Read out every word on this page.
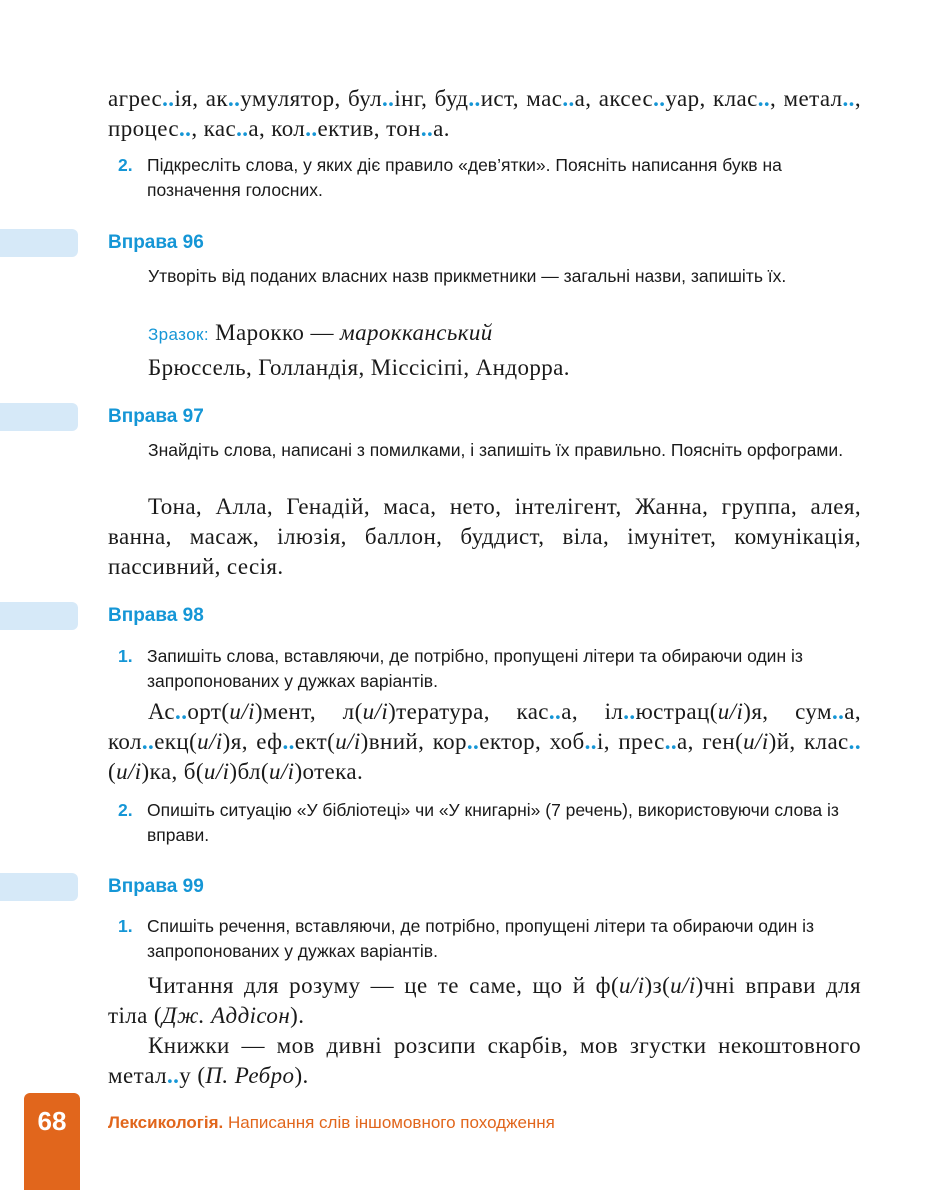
агрес..ія, ак..умулятор, бул..інг, буд..ист, мас..а, аксес..уар, клас.., метал.., процес.., кас..а, кол..ектив, тон..а.
2. Підкресліть слова, у яких діє правило «дев’ятки». Поясніть написання букв на позначення голосних.
Вправа 96
Утворіть від поданих власних назв прикметники — загальні назви, запишіть їх.
Зразок: Марокко — марокканський
Брюссель, Голландія, Міссісіпі, Андорра.
Вправа 97
Знайдіть слова, написані з помилками, і запишіть їх правильно. Поясніть орфограми.
Тона, Алла, Генадій, маса, нето, інтелігент, Жанна, группа, алея, ванна, масаж, ілюзія, баллон, буддист, віла, імунітет, комунікація, пассивний, сесія.
Вправа 98
1. Запишіть слова, вставляючи, де потрібно, пропущені літери та обираючи один із запропонованих у дужках варіантів.
Ас..орт(и/і)мент, л(и/і)тература, кас..а, іл..юстрац(и/і)я, сум..а, кол..екц(и/і)я, еф..ект(и/і)вний, кор..ектор, хоб..і, прес..а, ген(и/і)й, клас..(и/і)ка, б(и/і)бл(и/і)отека.
2. Опишіть ситуацію «У бібліотеці» чи «У книгарні» (7 речень), використовуючи слова із вправи.
Вправа 99
1. Спишіть речення, вставляючи, де потрібно, пропущені літери та обираючи один із запропонованих у дужках варіантів.
Читання для розуму — це те саме, що й ф(и/і)з(и/і)чні вправи для тіла (Дж. Аддісон).
Книжки — мов дивні розсипи скарбів, мов згустки некоштовного метал..у (П. Ребро).
68	Лексикологія. Написання слів іншомовного походження
